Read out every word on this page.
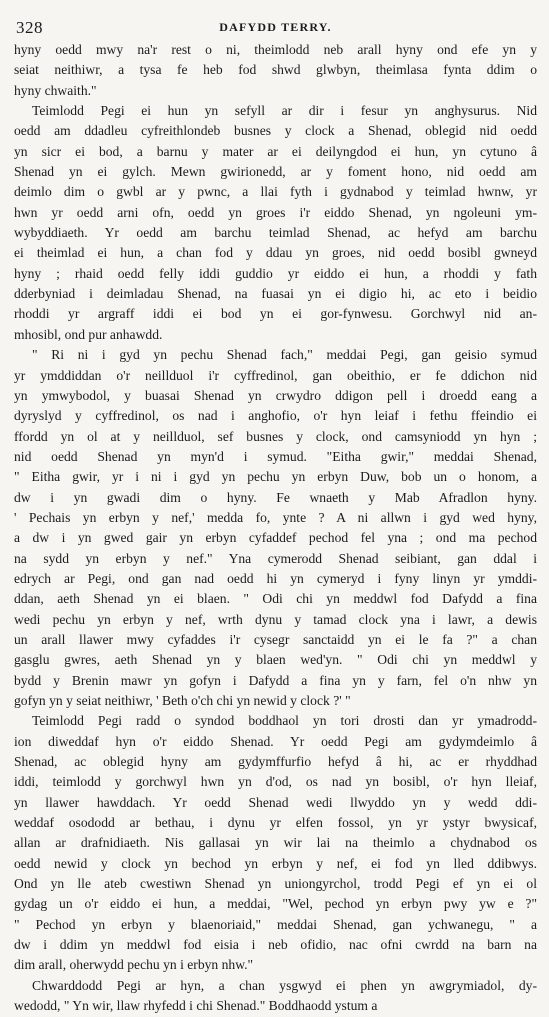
328	DAFYDD TERRY.
hyny oedd mwy na'r rest o ni, theimlodd neb arall hyny ond efe yn y
seiat neithiwr, a tysa fe heb fod shwd glwbyn, theimlasa fynta ddim o
hyny chwaith."
Teimlodd Pegi ei hun yn sefyll ar dir i fesur yn anghysurus. Nid
oedd am ddadleu cyfreithlondeb busnes y clock a Shenad, oblegid nid oedd
yn sicr ei bod, a barnu y mater ar ei deilyngdod ei hun, yn cytuno â
Shenad yn ei gylch. Mewn gwirionedd, ar y foment hono, nid oedd am
deimlo dim o gwbl ar y pwnc, a llai fyth i gydnabod y teimlad hwnw, yr
hwn yr oedd arni ofn, oedd yn groes i'r eiddo Shenad, yn ngoleuni ym-
wybyddiaeth. Yr oedd am barchu teimlad Shenad, ac hefyd am barchu
ei theimlad ei hun, a chan fod y ddau yn groes, nid oedd bosibl gwneyd
hyny ; rhaid oedd felly iddi guddio yr eiddo ei hun, a rhoddi y fath
dderbyniad i deimladau Shenad, na fuasai yn ei digio hi, ac eto i beidio
rhoddi yr argraff iddi ei bod yn ei gor-fynwesu. Gorchwyl nid an-
mhosibl, ond pur anhawdd.
" Ri ni i gyd yn pechu Shenad fach," meddai Pegi, gan geisio symud
yr ymddiddan o'r neillduol i'r cyffredinol, gan obeithio, er fe ddichon nid
yn ymwybodol, y buasai Shenad yn crwydro ddigon pell i droedd eang a
dyryslyd y cyffredinol, os nad i anghofio, o'r hyn leiaf i fethu ffeindio ei
ffordd yn ol at y neillduol, sef busnes y clock, ond camsyniodd yn hyn ;
nid oedd Shenad yn myn'd i symud. "Eitha gwir," meddai Shenad,
" Eitha gwir, yr i ni i gyd yn pechu yn erbyn Duw, bob un o honom, a
dw i yn gwadi dim o hyny. Fe wnaeth y Mab Afradlon hyny.
' Pechais yn erbyn y nef,' medda fo, ynte ? A ni allwn i gyd wed hyny,
a dw i yn gwed gair yn erbyn cyfaddef pechod fel yna ; ond ma pechod
na sydd yn erbyn y nef." Yna cymerodd Shenad seibiant, gan ddal i
edrych ar Pegi, ond gan nad oedd hi yn cymeryd i fyny linyn yr ymddi-
ddan, aeth Shenad yn ei blaen. " Odi chi yn meddwl fod Dafydd a fina
wedi pechu yn erbyn y nef, wrth dynu y tamad clock yna i lawr, a dewis
un arall llawer mwy cyfaddes i'r cysegr sanctaidd yn ei le fa ?" a chan
gasglu gwres, aeth Shenad yn y blaen wed'yn. " Odi chi yn meddwl y
bydd y Brenin mawr yn gofyn i Dafydd a fina yn y farn, fel o'n nhw yn
gofyn yn y seiat neithiwr, ' Beth o'ch chi yn newid y clock ?' "
Teimlodd Pegi radd o syndod boddhaol yn tori drosti dan yr ymadrodd-
ion diweddaf hyn o'r eiddo Shenad. Yr oedd Pegi am gydymdeimlo â
Shenad, ac oblegid hyny am gydymffurfio hefyd â hi, ac er rhyddhad
iddi, teimlodd y gorchwyl hwn yn d'od, os nad yn bosibl, o'r hyn lleiaf,
yn llawer hawddach. Yr oedd Shenad wedi llwyddo yn y wedd ddi-
weddaf osododd ar bethau, i dynu yr elfen fossol, yn yr ystyr bwysicaf,
allan ar drafnidiaeth. Nis gallasai yn wir lai na theimlo a chydnabod os
oedd newid y clock yn bechod yn erbyn y nef, ei fod yn lled ddibwys.
Ond yn lle ateb cwestiwn Shenad yn uniongyrchol, trodd Pegi ef yn ei ol
gydag un o'r eiddo ei hun, a meddai, "Wel, pechod yn erbyn pwy yw e ?"
" Pechod yn erbyn y blaenoriaid," meddai Shenad, gan ychwanegu, " a
dw i ddim yn meddwl fod eisia i neb ofidio, nac ofni cwrdd na barn na
dim arall, oherwydd pechu yn i erbyn nhw."
Chwarddodd Pegi ar hyn, a chan ysgwyd ei phen yn awgrymiadol, dy-
wedodd, " Yn wir, llaw rhyfedd i chi Shenad." Boddhaodd ystum a
